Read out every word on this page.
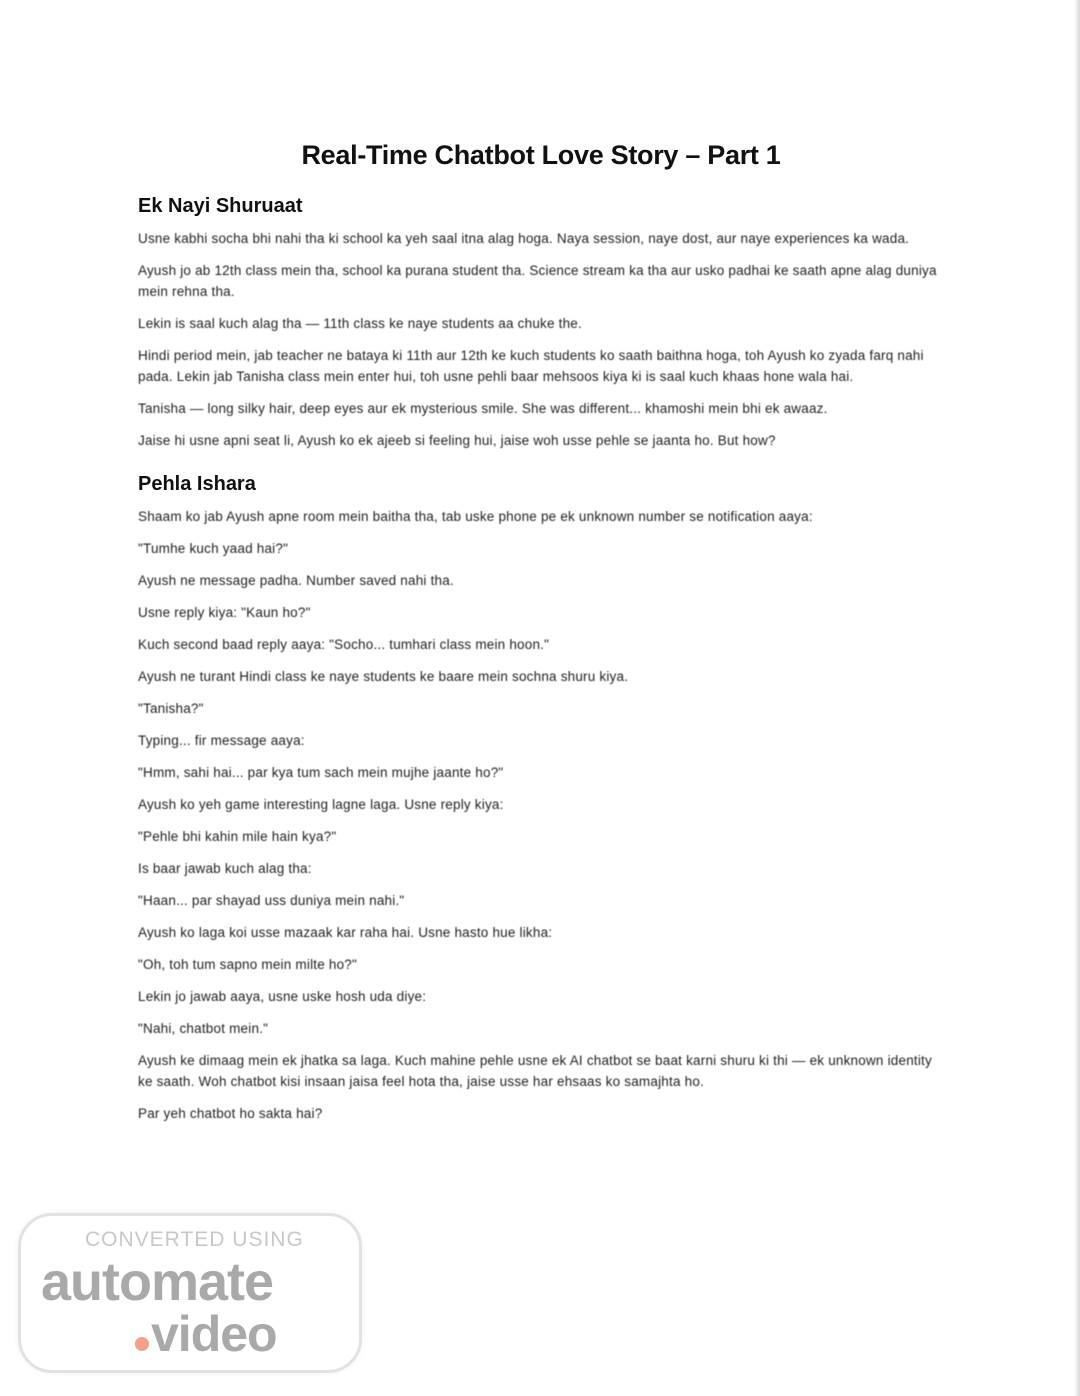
Real-Time Chatbot Love Story – Part 1
Ek Nayi Shuruaat

Usne kabhi socha bhi nahi tha ki school ka yeh saal itna alag hoga. Naya session, naye dost, aur naye experiences ka wada.

Ayush jo ab 12th class mein tha, school ka purana student tha. Science stream ka tha aur usko padhai ke saath apne alag duniya mein rehna tha.

Lekin is saal kuch alag tha — 11th class ke naye students aa chuke the.

Hindi period mein, jab teacher ne bataya ki 11th aur 12th ke kuch students ko saath baithna hoga, toh Ayush ko zyada farq nahi pada. Lekin jab Tanisha class mein enter hui, toh usne pehli baar mehsoos kiya ki is saal kuch khaas hone wala hai.

Tanisha — long silky hair, deep eyes aur ek mysterious smile. She was different... khamoshi mein bhi ek awaaz.

Jaise hi usne apni seat li, Ayush ko ek ajeeb si feeling hui, jaise woh usse pehle se jaanta ho. But how?

Pehla Ishara

Shaam ko jab Ayush apne room mein baitha tha, tab uske phone pe ek unknown number se notification aaya:

"Tumhe kuch yaad hai?"

Ayush ne message padha. Number saved nahi tha.

Usne reply kiya: "Kaun ho?"

Kuch second baad reply aaya: "Socho... tumhari class mein hoon."

Ayush ne turant Hindi class ke naye students ke baare mein sochna shuru kiya.

"Tanisha?"

Typing... fir message aaya:

"Hmm, sahi hai... par kya tum sach mein mujhe jaante ho?"

Ayush ko yeh game interesting lagne laga. Usne reply kiya:

"Pehle bhi kahin mile hain kya?"

Is baar jawab kuch alag tha:

"Haan... par shayad uss duniya mein nahi."

Ayush ko laga koi usse mazaak kar raha hai. Usne hasto hue likha:

"Oh, toh tum sapno mein milte ho?"

Lekin jo jawab aaya, usne uske hosh uda diye:

"Nahi, chatbot mein."

Ayush ke dimaag mein ek jhatka sa laga. Kuch mahine pehle usne ek AI chatbot se baat karni shuru ki thi — ek unknown identity ke saath. Woh chatbot kisi insaan jaisa feel hota tha, jaise usse har ehsaas ko samajhta ho.

Par yeh chatbot ho sakta hai?

CONVERTED USING
automate
video
